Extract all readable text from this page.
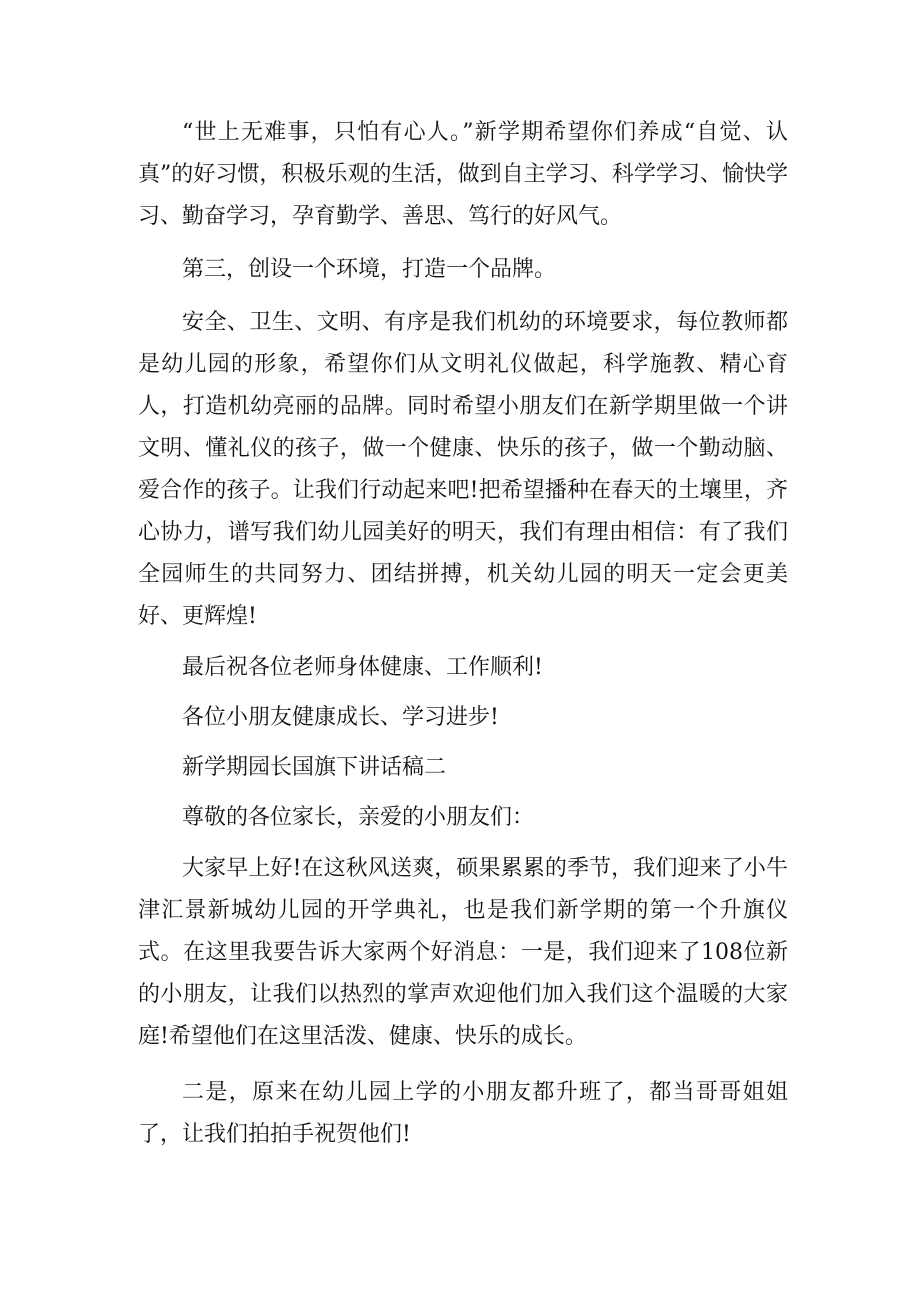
“世上无难事，只怕有心人。”新学期希望你们养成“自觉、认真”的好习惯，积极乐观的生活，做到自主学习、科学学习、愉快学习、勤奋学习，孕育勤学、善思、笃行的好风气。

第三，创设一个环境，打造一个品牌。

安全、卫生、文明、有序是我们机幼的环境要求，每位教师都是幼儿园的形象，希望你们从文明礼仪做起，科学施教、精心育人，打造机幼亮丽的品牌。同时希望小朋友们在新学期里做一个讲文明、懂礼仪的孩子，做一个健康、快乐的孩子，做一个勤动脑、爱合作的孩子。让我们行动起来吧!把希望播种在春天的土壤里，齐心协力，谱写我们幼儿园美好的明天，我们有理由相信：有了我们全园师生的共同努力、团结拼搏，机关幼儿园的明天一定会更美好、更辉煌!

最后祝各位老师身体健康、工作顺利!

各位小朋友健康成长、学习进步!

新学期园长国旗下讲话稿二

尊敬的各位家长，亲爱的小朋友们：

大家早上好!在这秋风送爽，硕果累累的季节，我们迎来了小牛津汇景新城幼儿园的开学典礼，也是我们新学期的第一个升旗仪式。在这里我要告诉大家两个好消息：一是，我们迎来了108位新的小朋友，让我们以热烈的掌声欢迎他们加入我们这个温暖的大家庭!希望他们在这里活泼、健康、快乐的成长。

二是，原来在幼儿园上学的小朋友都升班了，都当哥哥姐姐了，让我们拍拍手祝贺他们!
